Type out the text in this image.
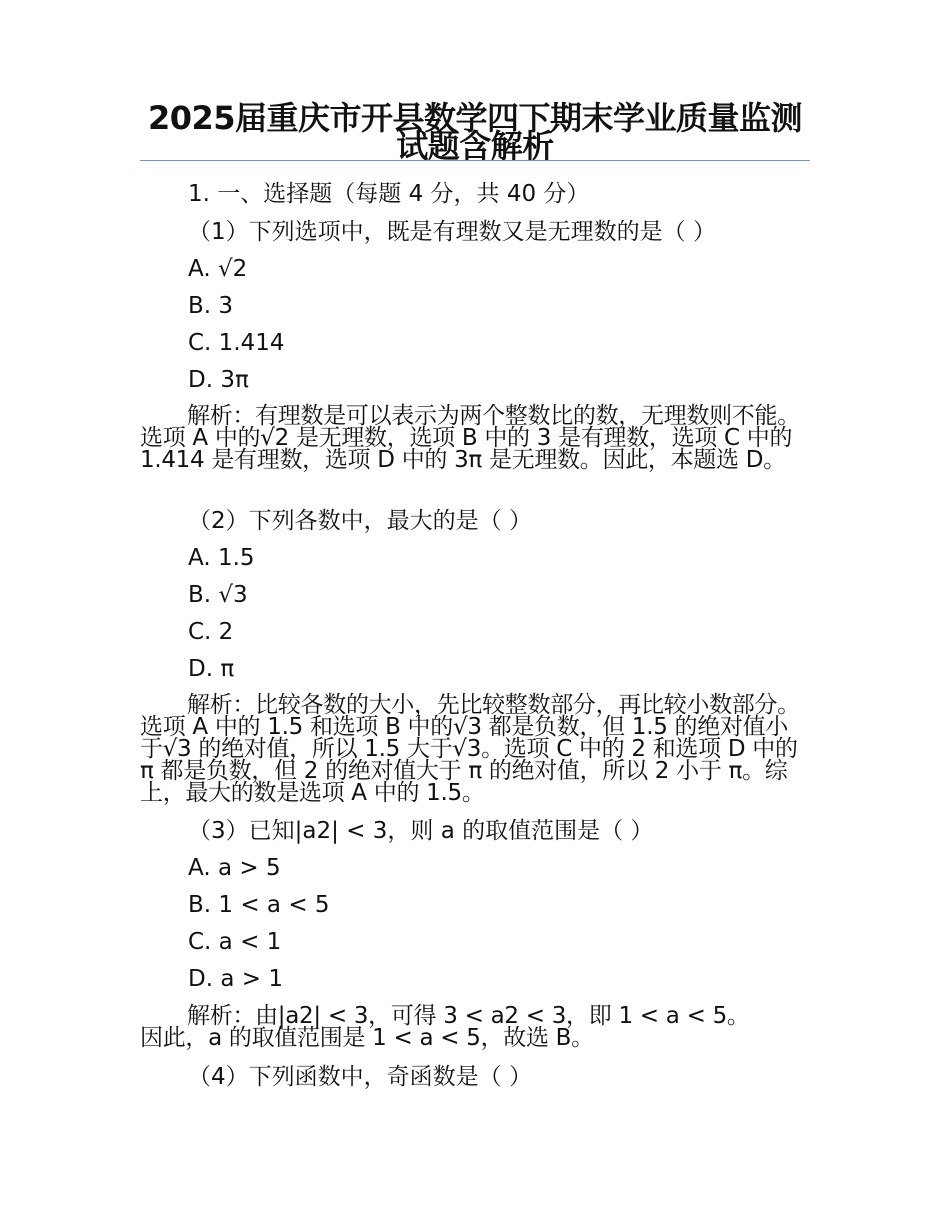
2025届重庆市开县数学四下期末学业质量监测试题含解析
1. 一、选择题（每题 4 分，共 40 分）
（1）下列选项中，既是有理数又是无理数的是（ ）
A. √2
B. 3
C. 1.414
D. 3π
解析：有理数是可以表示为两个整数比的数，无理数则不能。选项 A 中的√2 是无理数，选项 B 中的 3 是有理数，选项 C 中的 1.414 是有理数，选项 D 中的 3π 是无理数。因此，本题选 D。
（2）下列各数中，最大的是（ ）
A. 1.5
B. √3
C. 2
D. π
解析：比较各数的大小，先比较整数部分，再比较小数部分。选项 A 中的 1.5 和选项 B 中的√3 都是负数，但 1.5 的绝对值小于√3 的绝对值，所以 1.5 大于√3。选项 C 中的 2 和选项 D 中的 π 都是负数，但 2 的绝对值大于 π 的绝对值，所以 2 小于 π。综上，最大的数是选项 A 中的 1.5。
（3）已知|a2| < 3，则 a 的取值范围是（ ）
A. a > 5
B. 1 < a < 5
C. a < 1
D. a > 1
解析：由|a2| < 3，可得 3 < a2 < 3，即 1 < a < 5。因此，a 的取值范围是 1 < a < 5，故选 B。
（4）下列函数中，奇函数是（ ）
